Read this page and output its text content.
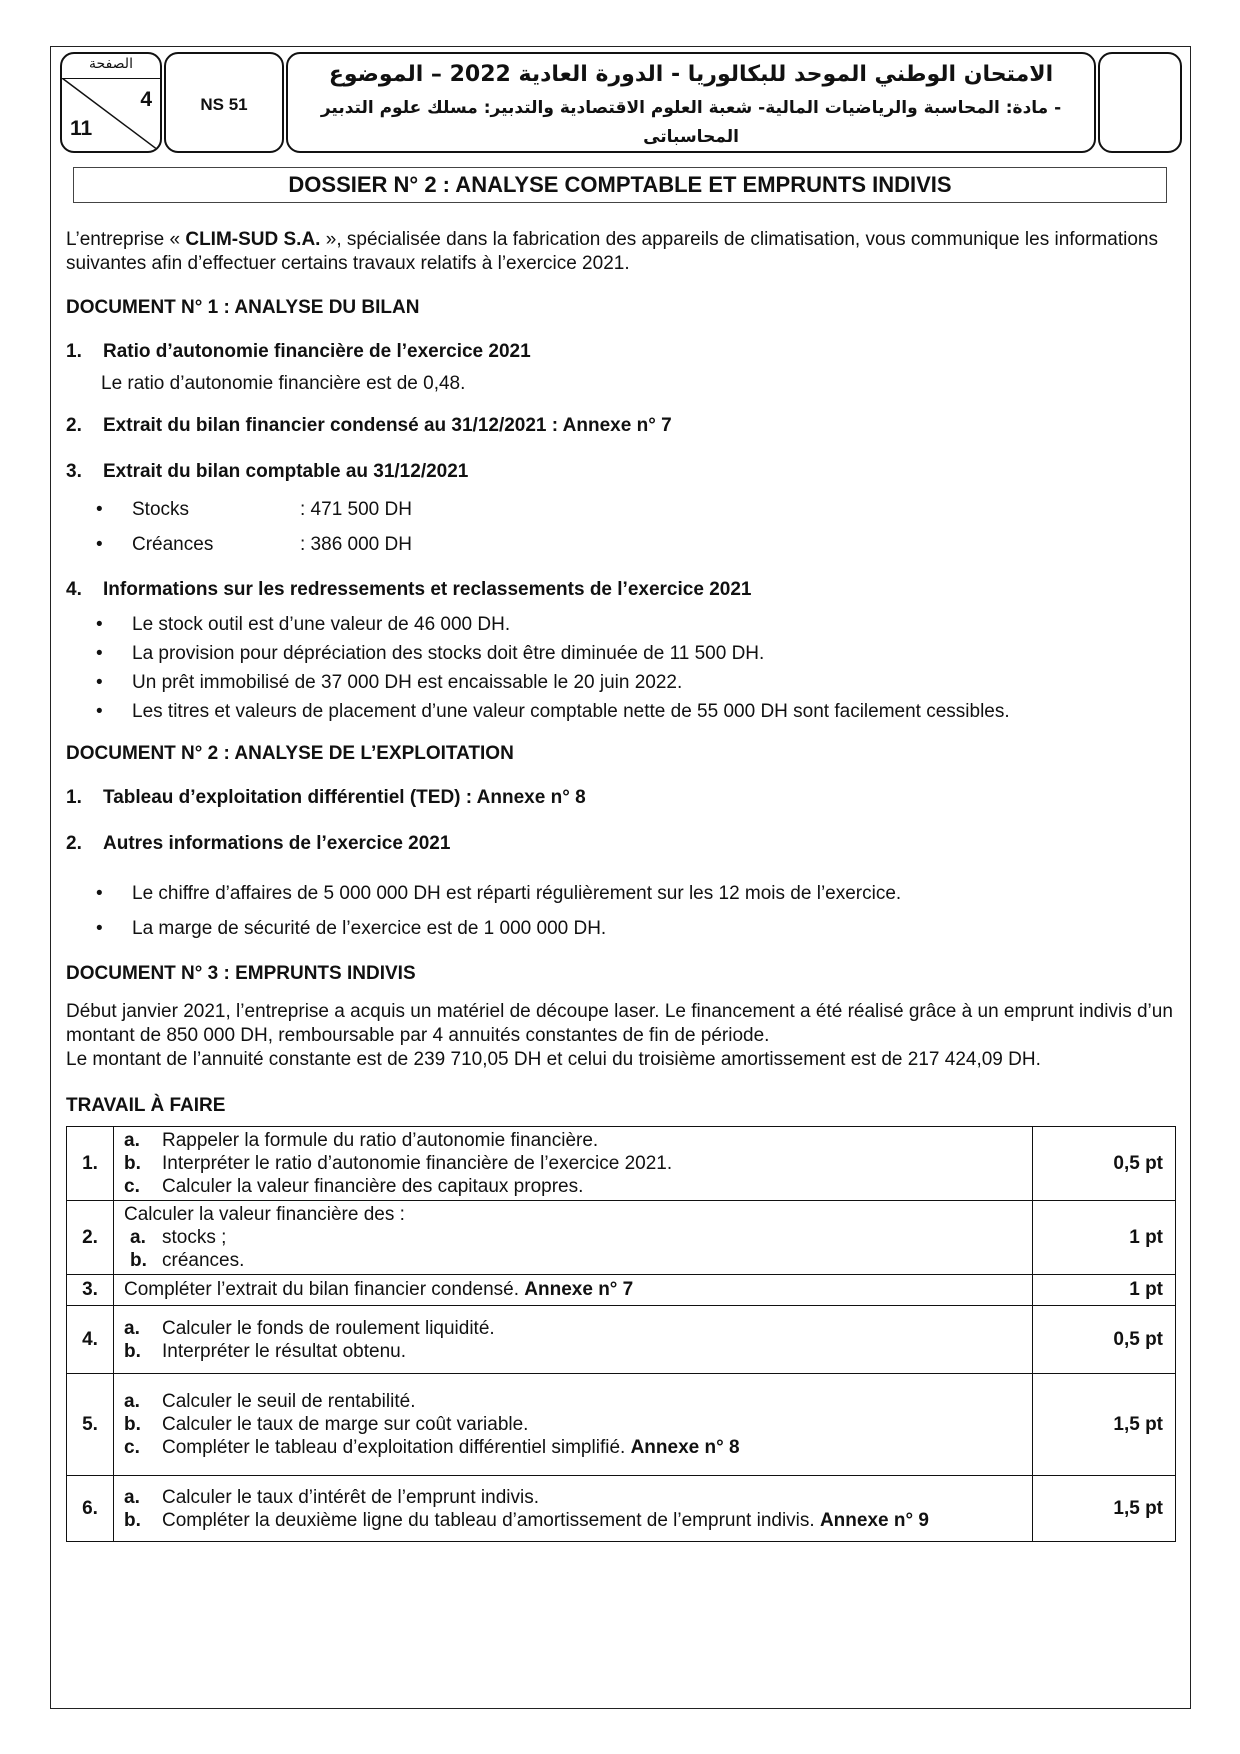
الصفحة
4
11
NS 51
الامتحان الوطني الموحد للبكالوريا - الدورة العادية 2022 – الموضوع
- مادة: المحاسبة والرياضيات المالية- شعبة العلوم الاقتصادية والتدبير: مسلك علوم التدبير
المحاسباتى
DOSSIER N° 2 : ANALYSE COMPTABLE ET EMPRUNTS INDIVIS

L’entreprise « CLIM-SUD S.A. », spécialisée dans la fabrication des appareils de climatisation, vous communique les informations suivantes afin d’effectuer certains travaux relatifs à l’exercice 2021.

DOCUMENT N° 1 : ANALYSE DU BILAN

1. Ratio d’autonomie financière de l’exercice 2021

Le ratio d’autonomie financière est de 0,48.

2. Extrait du bilan financier condensé au 31/12/2021 : Annexe n° 7

3. Extrait du bilan comptable au 31/12/2021

• Stocks	: 471 500 DH
• Créances	: 386 000 DH

4. Informations sur les redressements et reclassements de l’exercice 2021

• Le stock outil est d’une valeur de 46 000 DH.
• La provision pour dépréciation des stocks doit être diminuée de 11 500 DH.
• Un prêt immobilisé de 37 000 DH est encaissable le 20 juin 2022.
• Les titres et valeurs de placement d’une valeur comptable nette de 55 000 DH sont facilement cessibles.

DOCUMENT N° 2 : ANALYSE DE L’EXPLOITATION

1. Tableau d’exploitation différentiel (TED) : Annexe n° 8

2. Autres informations de l’exercice 2021

• Le chiffre d’affaires de 5 000 000 DH est réparti régulièrement sur les 12 mois de l’exercice.
• La marge de sécurité de l’exercice est de 1 000 000 DH.

DOCUMENT N° 3 : EMPRUNTS INDIVIS

Début janvier 2021, l’entreprise a acquis un matériel de découpe laser. Le financement a été réalisé grâce à un emprunt indivis d’un montant de 850 000 DH, remboursable par 4 annuités constantes de fin de période.

Le montant de l’annuité constante est de 239 710,05 DH et celui du troisième amortissement est de 217 424,09 DH.

TRAVAIL À FAIRE

1.	a. Rappeler la formule du ratio d’autonomie financière.
b. Interpréter le ratio d’autonomie financière de l’exercice 2021.
c. Calculer la valeur financière des capitaux propres.	0,5 pt
2.	Calculer la valeur financière des :
a. stocks ;
b. créances.	1 pt
3.	Compléter l’extrait du bilan financier condensé. Annexe n° 7	1 pt
4.	a. Calculer le fonds de roulement liquidité.
b. Interpréter le résultat obtenu.	0,5 pt
5.	a. Calculer le seuil de rentabilité.
b. Calculer le taux de marge sur coût variable.
c. Compléter le tableau d’exploitation différentiel simplifié. Annexe n° 8	1,5 pt
6.	a. Calculer le taux d’intérêt de l’emprunt indivis.
b. Compléter la deuxième ligne du tableau d’amortissement de l’emprunt indivis. Annexe n° 9	1,5 pt
